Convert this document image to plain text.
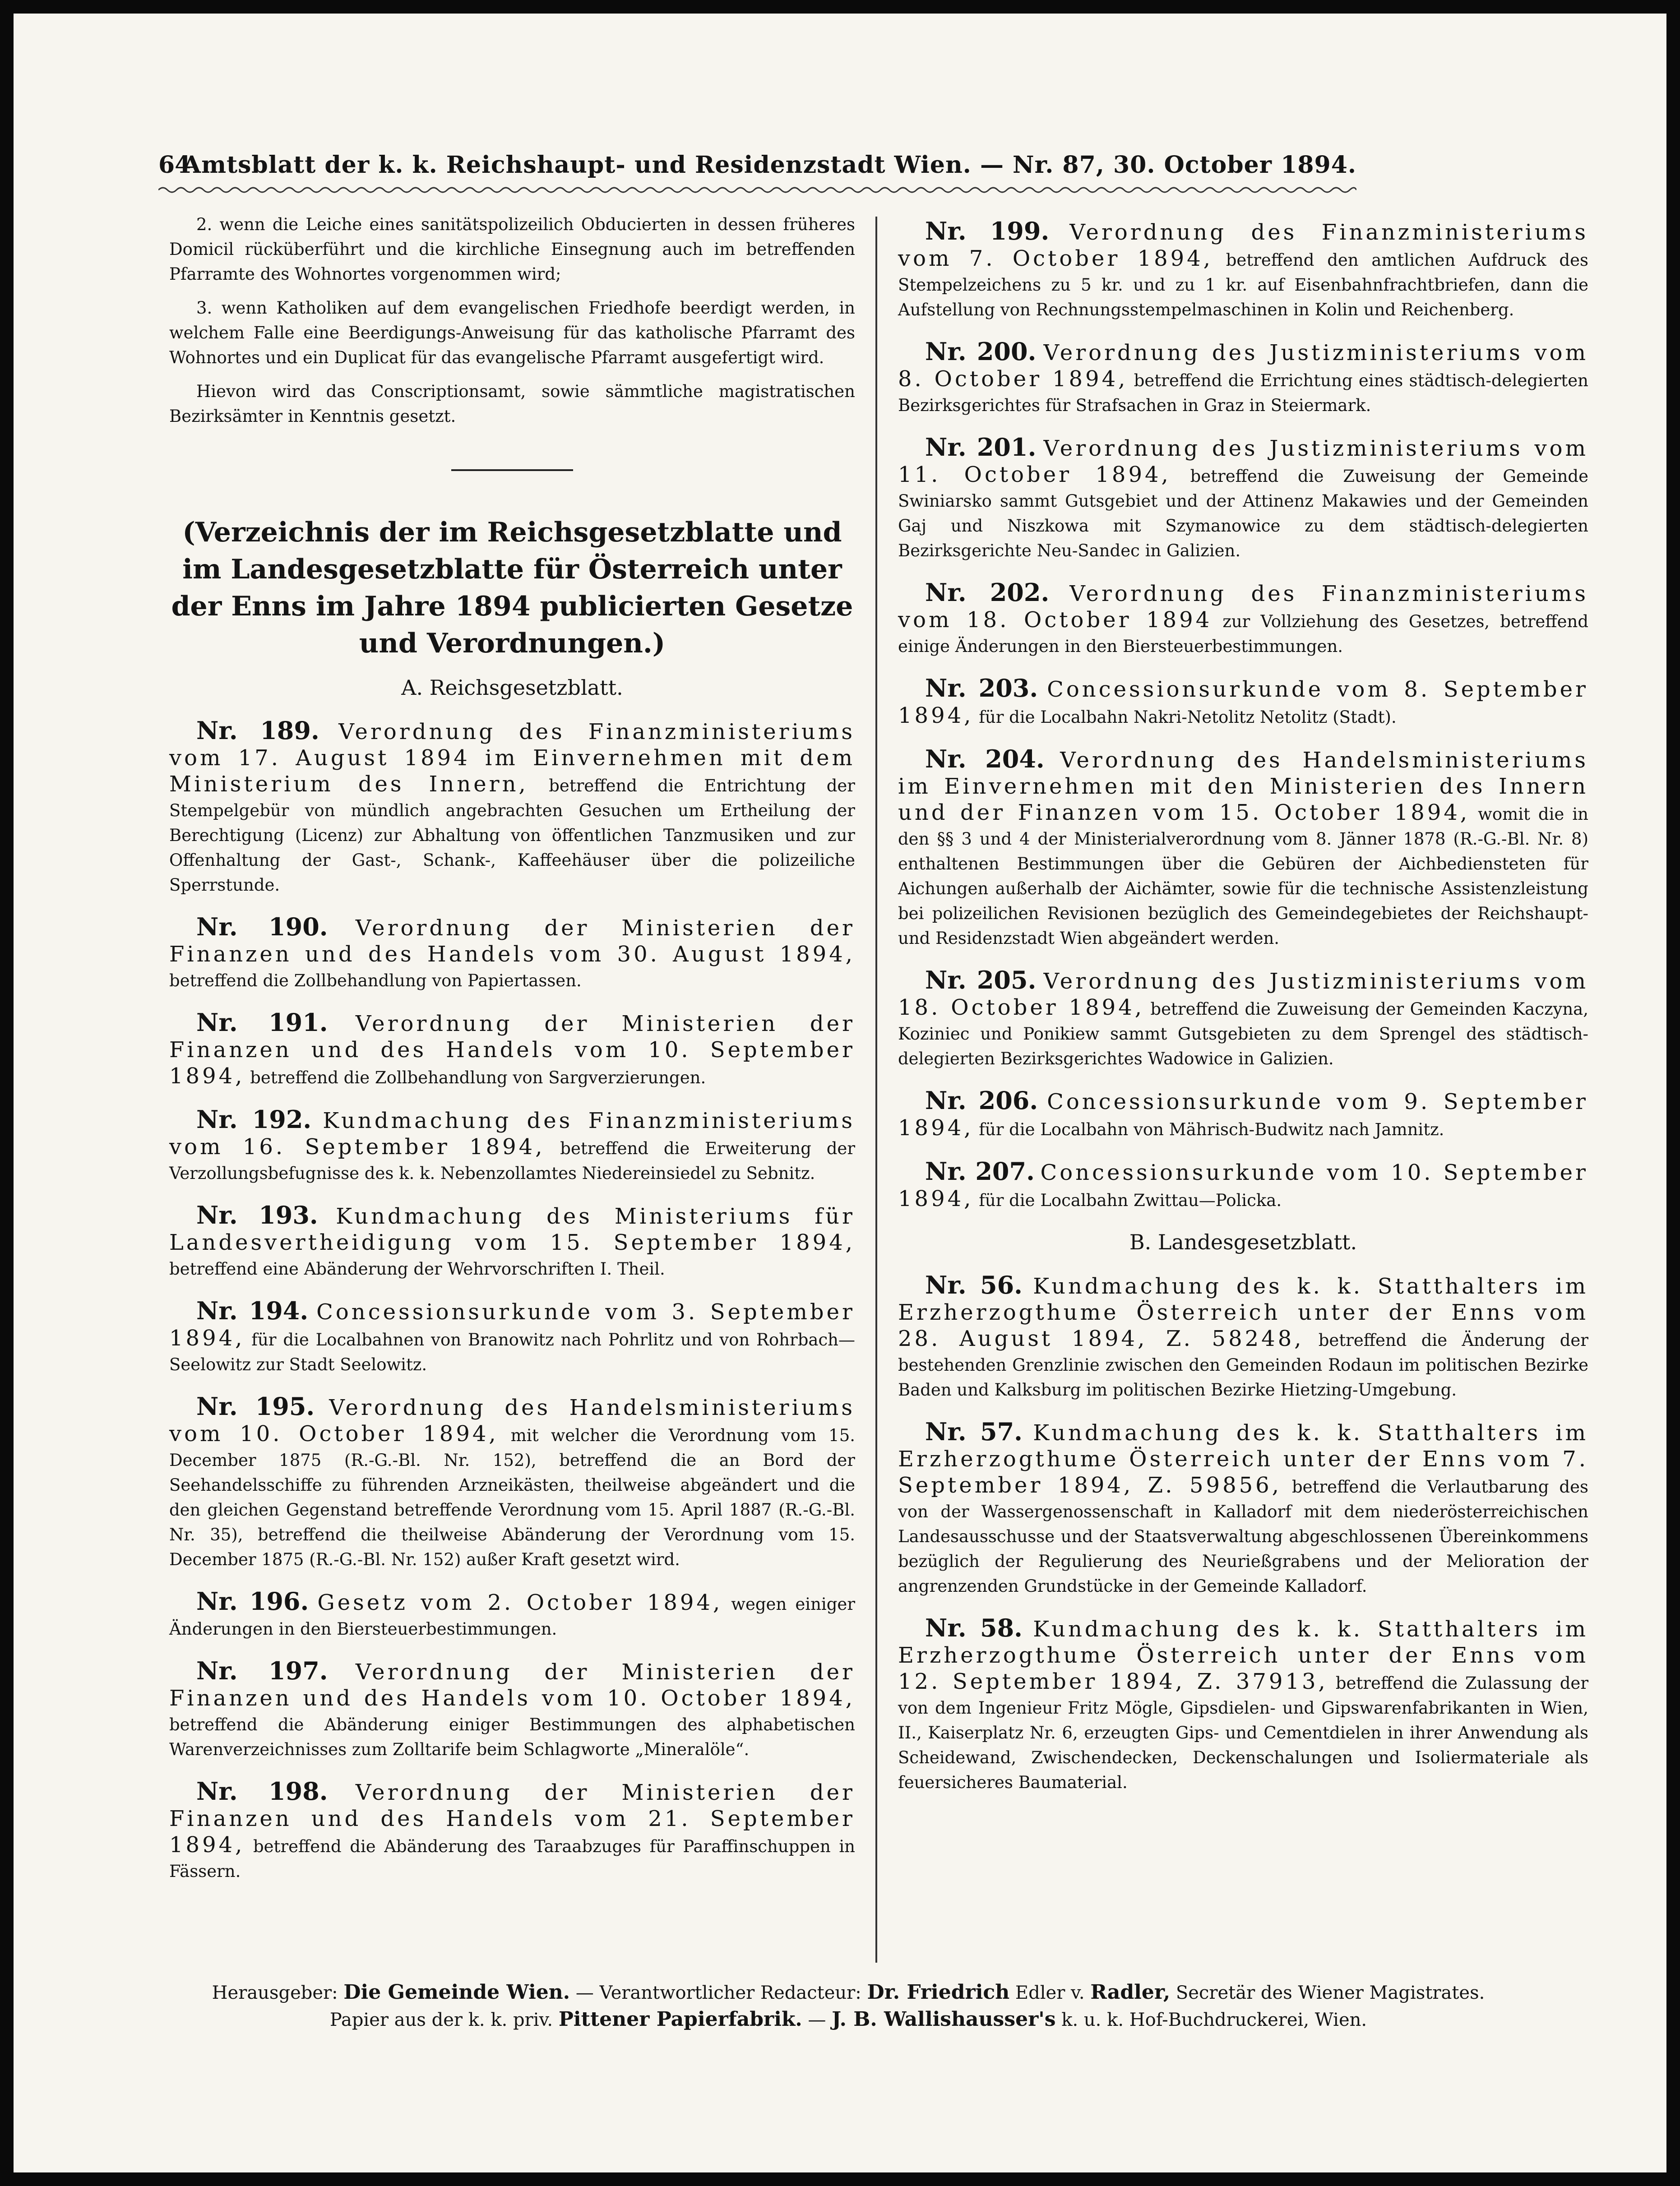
64
Amtsblatt der k. k. Reichshaupt- und Residenzstadt Wien. — Nr. 87, 30. October 1894.

2. wenn die Leiche eines sanitätspolizeilich Obducierten in dessen früheres Domicil rücküberführt und die kirchliche Einsegnung auch im betreffenden Pfarramte des Wohnortes vorgenommen wird;

3. wenn Katholiken auf dem evangelischen Friedhofe beerdigt werden, in welchem Falle eine Beerdigungs-Anweisung für das katholische Pfarramt des Wohnortes und ein Duplicat für das evangelische Pfarramt ausgefertigt wird.

Hievon wird das Conscriptionsamt, sowie sämmtliche magistratischen Bezirksämter in Kenntnis gesetzt.

(Verzeichnis der im Reichsgesetzblatte und im Landesgesetzblatte für Österreich unter der Enns im Jahre 1894 publicierten Gesetze und Verordnungen.)
A. Reichsgesetzblatt.

Nr. 189. Verordnung des Finanzministeriums vom 17. August 1894 im Einvernehmen mit dem Ministerium des Innern, betreffend die Entrichtung der Stempelgebür von mündlich angebrachten Gesuchen um Ertheilung der Berechtigung (Licenz) zur Abhaltung von öffentlichen Tanzmusiken und zur Offenhaltung der Gast-, Schank-, Kaffeehäuser über die polizeiliche Sperrstunde.

Nr. 190. Verordnung der Ministerien der Finanzen und des Handels vom 30. August 1894, betreffend die Zollbehandlung von Papiertassen.

Nr. 191. Verordnung der Ministerien der Finanzen und des Handels vom 10. September 1894, betreffend die Zollbehandlung von Sargverzierungen.

Nr. 192. Kundmachung des Finanzministeriums vom 16. September 1894, betreffend die Erweiterung der Verzollungsbefugnisse des k. k. Nebenzollamtes Niedereinsiedel zu Sebnitz.

Nr. 193. Kundmachung des Ministeriums für Landesvertheidigung vom 15. September 1894, betreffend eine Abänderung der Wehrvorschriften I. Theil.

Nr. 194. Concessionsurkunde vom 3. September 1894, für die Localbahnen von Branowitz nach Pohrlitz und von Rohrbach—Seelowitz zur Stadt Seelowitz.

Nr. 195. Verordnung des Handelsministeriums vom 10. October 1894, mit welcher die Verordnung vom 15. December 1875 (R.-G.-Bl. Nr. 152), betreffend die an Bord der Seehandelsschiffe zu führenden Arzneikästen, theilweise abgeändert und die den gleichen Gegenstand betreffende Verordnung vom 15. April 1887 (R.-G.-Bl. Nr. 35), betreffend die theilweise Abänderung der Verordnung vom 15. December 1875 (R.-G.-Bl. Nr. 152) außer Kraft gesetzt wird.

Nr. 196. Gesetz vom 2. October 1894, wegen einiger Änderungen in den Biersteuerbestimmungen.

Nr. 197. Verordnung der Ministerien der Finanzen und des Handels vom 10. October 1894, betreffend die Abänderung einiger Bestimmungen des alphabetischen Warenverzeichnisses zum Zolltarife beim Schlagworte „Mineralöle“.

Nr. 198. Verordnung der Ministerien der Finanzen und des Handels vom 21. September 1894, betreffend die Abänderung des Taraabzuges für Paraffinschuppen in Fässern.

Nr. 199. Verordnung des Finanzministeriums vom 7. October 1894, betreffend den amtlichen Aufdruck des Stempelzeichens zu 5 kr. und zu 1 kr. auf Eisenbahnfrachtbriefen, dann die Aufstellung von Rechnungsstempelmaschinen in Kolin und Reichenberg.

Nr. 200. Verordnung des Justizministeriums vom 8. October 1894, betreffend die Errichtung eines städtisch-delegierten Bezirksgerichtes für Strafsachen in Graz in Steiermark.

Nr. 201. Verordnung des Justizministeriums vom 11. October 1894, betreffend die Zuweisung der Gemeinde Swiniarsko sammt Gutsgebiet und der Attinenz Makawies und der Gemeinden Gaj und Niszkowa mit Szymanowice zu dem städtisch-delegierten Bezirksgerichte Neu-Sandec in Galizien.

Nr. 202. Verordnung des Finanzministeriums vom 18. October 1894 zur Vollziehung des Gesetzes, betreffend einige Änderungen in den Biersteuerbestimmungen.

Nr. 203. Concessionsurkunde vom 8. September 1894, für die Localbahn Nakri-Netolitz Netolitz (Stadt).

Nr. 204. Verordnung des Handelsministeriums im Einvernehmen mit den Ministerien des Innern und der Finanzen vom 15. October 1894, womit die in den §§ 3 und 4 der Ministerialverordnung vom 8. Jänner 1878 (R.-G.-Bl. Nr. 8) enthaltenen Bestimmungen über die Gebüren der Aichbediensteten für Aichungen außerhalb der Aichämter, sowie für die technische Assistenzleistung bei polizeilichen Revisionen bezüglich des Gemeindegebietes der Reichshaupt- und Residenzstadt Wien abgeändert werden.

Nr. 205. Verordnung des Justizministeriums vom 18. October 1894, betreffend die Zuweisung der Gemeinden Kaczyna, Koziniec und Ponikiew sammt Gutsgebieten zu dem Sprengel des städtisch-delegierten Bezirksgerichtes Wadowice in Galizien.

Nr. 206. Concessionsurkunde vom 9. September 1894, für die Localbahn von Mährisch-Budwitz nach Jamnitz.

Nr. 207. Concessionsurkunde vom 10. September 1894, für die Localbahn Zwittau—Policka.

B. Landesgesetzblatt.

Nr. 56. Kundmachung des k. k. Statthalters im Erzherzogthume Österreich unter der Enns vom 28. August 1894, Z. 58248, betreffend die Änderung der bestehenden Grenzlinie zwischen den Gemeinden Rodaun im politischen Bezirke Baden und Kalksburg im politischen Bezirke Hietzing-Umgebung.

Nr. 57. Kundmachung des k. k. Statthalters im Erzherzogthume Österreich unter der Enns vom 7. September 1894, Z. 59856, betreffend die Verlautbarung des von der Wassergenossenschaft in Kalladorf mit dem niederösterreichischen Landesausschusse und der Staatsverwaltung abgeschlossenen Übereinkommens bezüglich der Regulierung des Neurießgrabens und der Melioration der angrenzenden Grundstücke in der Gemeinde Kalladorf.

Nr. 58. Kundmachung des k. k. Statthalters im Erzherzogthume Österreich unter der Enns vom 12. September 1894, Z. 37913, betreffend die Zulassung der von dem Ingenieur Fritz Mögle, Gipsdielen- und Gipswarenfabrikanten in Wien, II., Kaiserplatz Nr. 6, erzeugten Gips- und Cementdielen in ihrer Anwendung als Scheidewand, Zwischendecken, Deckenschalungen und Isoliermateriale als feuersicheres Baumaterial.

Herausgeber: Die Gemeinde Wien. — Verantwortlicher Redacteur: Dr. Friedrich Edler v. Radler, Secretär des Wiener Magistrates.
Papier aus der k. k. priv. Pittener Papierfabrik. — J. B. Wallishausser's k. u. k. Hof-Buchdruckerei, Wien.
